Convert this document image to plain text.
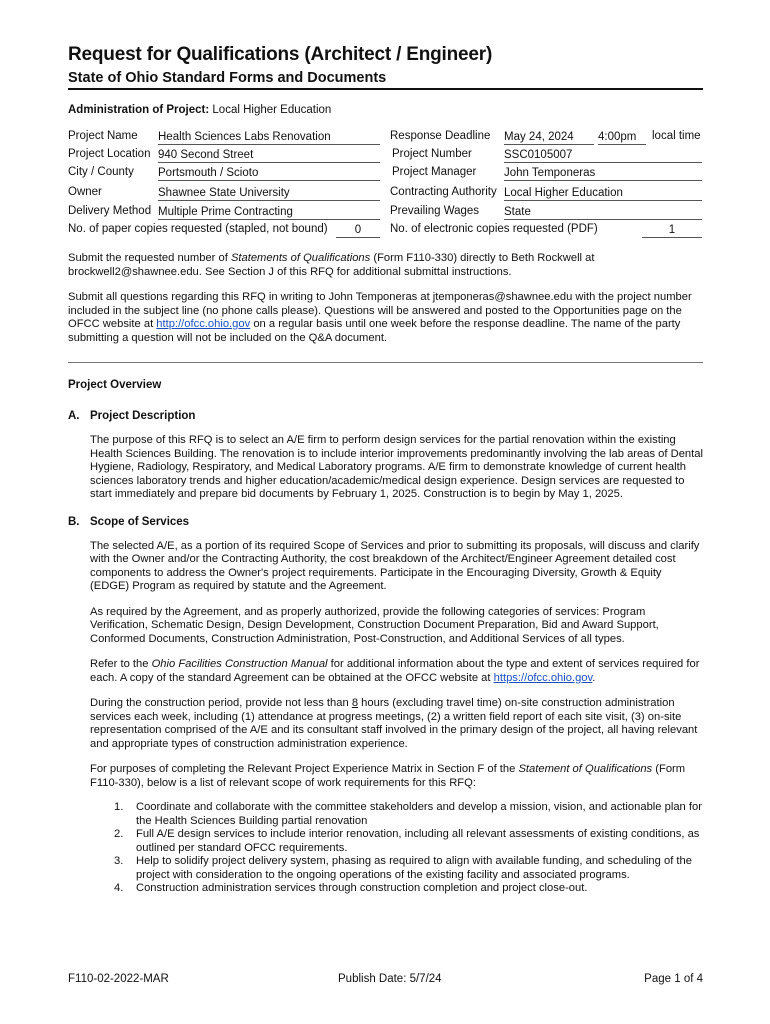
Request for Qualifications (Architect / Engineer)
State of Ohio Standard Forms and Documents
Administration of Project: Local Higher Education
Project Name Health Sciences Labs Renovation	Response Deadline May 24, 2024	4:00pm	local time
Project Location 940 Second Street	Project Number	SSC0105007
City / County Portsmouth / Scioto	Project Manager John Temponeras
Owner	Shawnee State University	Contracting Authority Local Higher Education
Delivery Method Multiple Prime Contracting	Prevailing Wages State
No. of paper copies requested (stapled, not bound)	0	No. of electronic copies requested (PDF)	1

Submit the requested number of Statements of Qualifications (Form F110-330) directly to Beth Rockwell at brockwell2@shawnee.edu. See Section J of this RFQ for additional submittal instructions.

Submit all questions regarding this RFQ in writing to John Temponeras at jtemponeras@shawnee.edu with the project number included in the subject line (no phone calls please). Questions will be answered and posted to the Opportunities page on the OFCC website at http://ofcc.ohio.gov on a regular basis until one week before the response deadline. The name of the party submitting a question will not be included on the Q&A document.

Project Overview

A. Project Description

The purpose of this RFQ is to select an A/E firm to perform design services for the partial renovation within the existing Health Sciences Building. The renovation is to include interior improvements predominantly involving the lab areas of Dental Hygiene, Radiology, Respiratory, and Medical Laboratory programs. A/E firm to demonstrate knowledge of current health sciences laboratory trends and higher education/academic/medical design experience. Design services are requested to start immediately and prepare bid documents by February 1, 2025. Construction is to begin by May 1, 2025.

B. Scope of Services

The selected A/E, as a portion of its required Scope of Services and prior to submitting its proposals, will discuss and clarify with the Owner and/or the Contracting Authority, the cost breakdown of the Architect/Engineer Agreement detailed cost components to address the Owner's project requirements. Participate in the Encouraging Diversity, Growth & Equity (EDGE) Program as required by statute and the Agreement.

As required by the Agreement, and as properly authorized, provide the following categories of services: Program Verification, Schematic Design, Design Development, Construction Document Preparation, Bid and Award Support, Conformed Documents, Construction Administration, Post-Construction, and Additional Services of all types.

Refer to the Ohio Facilities Construction Manual for additional information about the type and extent of services required for each. A copy of the standard Agreement can be obtained at the OFCC website at https://ofcc.ohio.gov.

During the construction period, provide not less than 8 hours (excluding travel time) on-site construction administration services each week, including (1) attendance at progress meetings, (2) a written field report of each site visit, (3) on-site representation comprised of the A/E and its consultant staff involved in the primary design of the project, all having relevant and appropriate types of construction administration experience.

For purposes of completing the Relevant Project Experience Matrix in Section F of the Statement of Qualifications (Form F110-330), below is a list of relevant scope of work requirements for this RFQ:

1. Coordinate and collaborate with the committee stakeholders and develop a mission, vision, and actionable plan for the Health Sciences Building partial renovation
2. Full A/E design services to include interior renovation, including all relevant assessments of existing conditions, as outlined per standard OFCC requirements.
3. Help to solidify project delivery system, phasing as required to align with available funding, and scheduling of the project with consideration to the ongoing operations of the existing facility and associated programs.
4. Construction administration services through construction completion and project close-out.
F110-02-2022-MAR	Publish Date: 5/7/24	Page 1 of 4
